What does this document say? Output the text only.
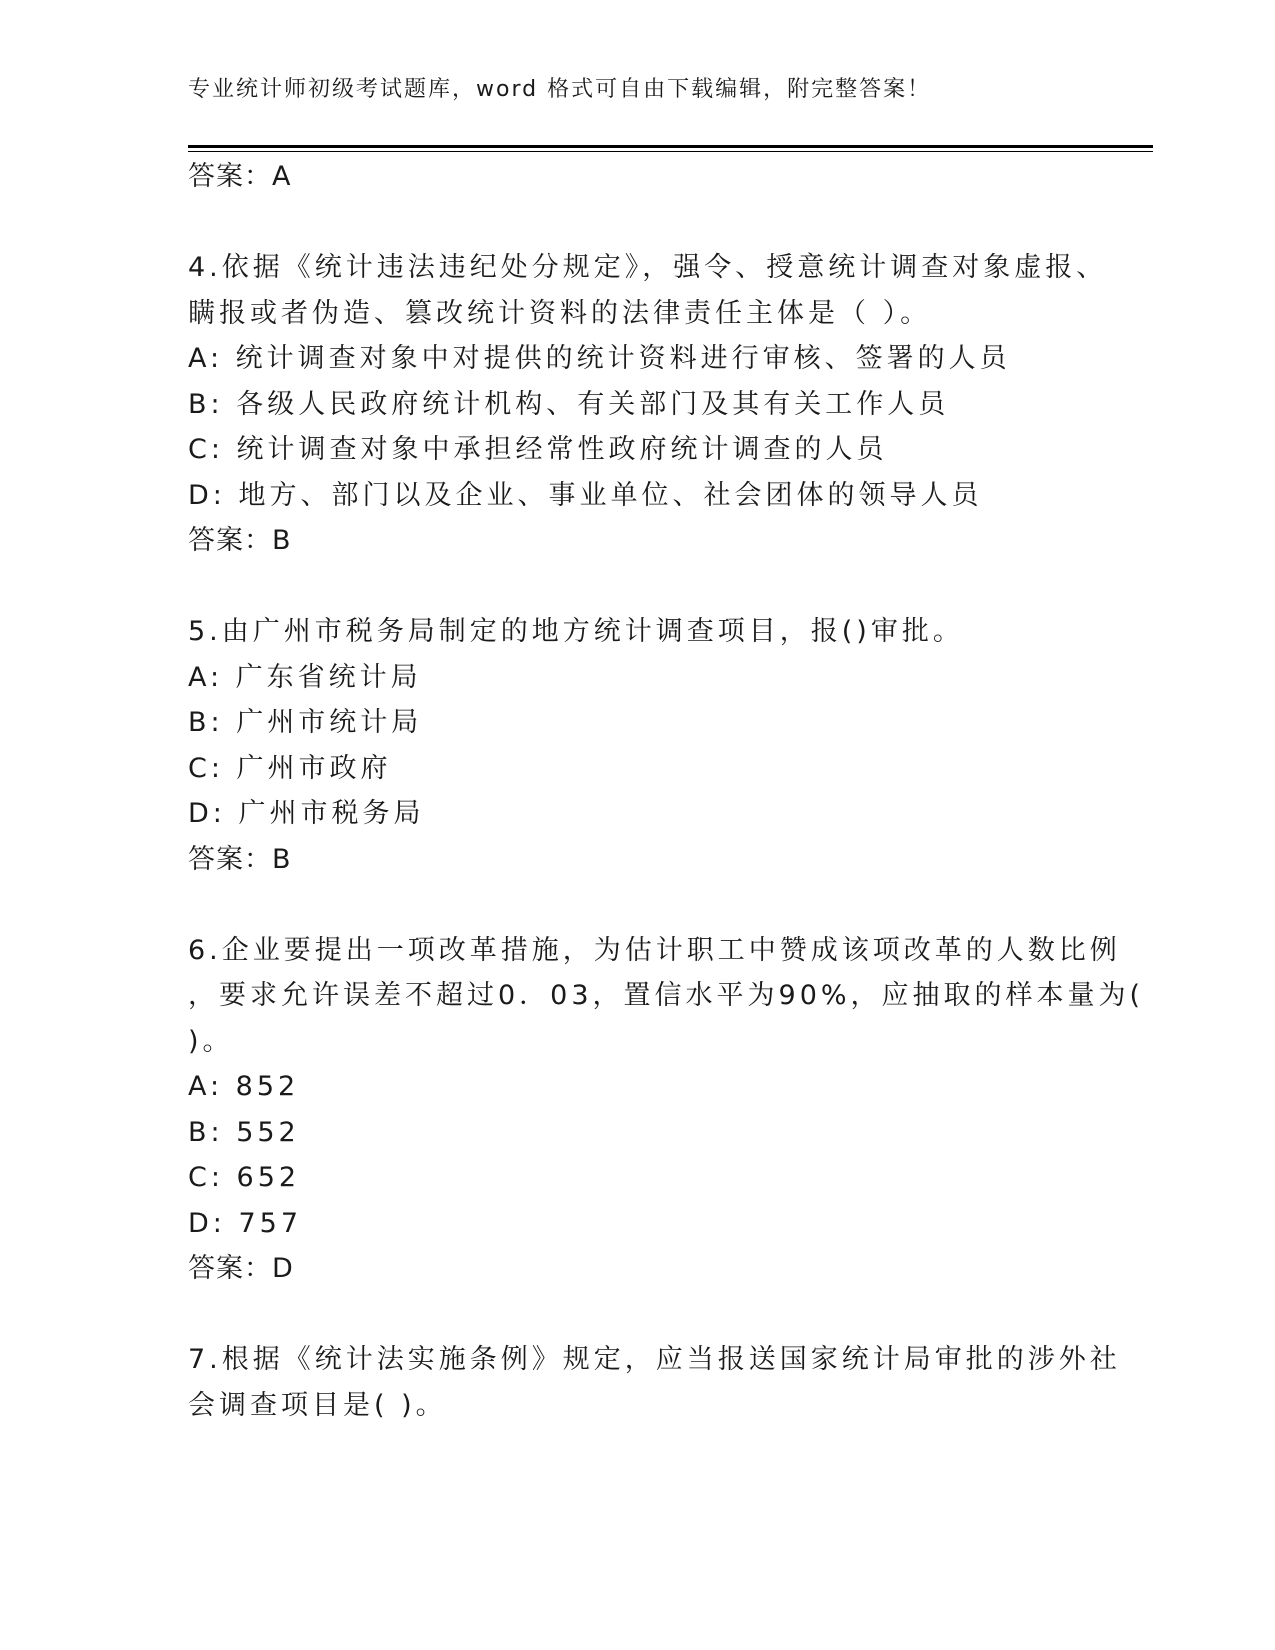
专业统计师初级考试题库，word 格式可自由下载编辑，附完整答案！
答案：A
4.依据《统计违法违纪处分规定》，强令、授意统计调查对象虚报、
瞒报或者伪造、篡改统计资料的法律责任主体是（ ）。
A: 统计调查对象中对提供的统计资料进行审核、签署的人员
B: 各级人民政府统计机构、有关部门及其有关工作人员
C: 统计调查对象中承担经常性政府统计调查的人员
D: 地方、部门以及企业、事业单位、社会团体的领导人员
答案：B
5.由广州市税务局制定的地方统计调查项目，报()审批。
A: 广东省统计局
B: 广州市统计局
C: 广州市政府
D: 广州市税务局
答案：B
6.企业要提出一项改革措施，为估计职工中赞成该项改革的人数比例
，要求允许误差不超过0．03，置信水平为90%，应抽取的样本量为(
)。
A: 852
B: 552
C: 652
D: 757
答案：D
7.根据《统计法实施条例》规定，应当报送国家统计局审批的涉外社
会调查项目是( )。
